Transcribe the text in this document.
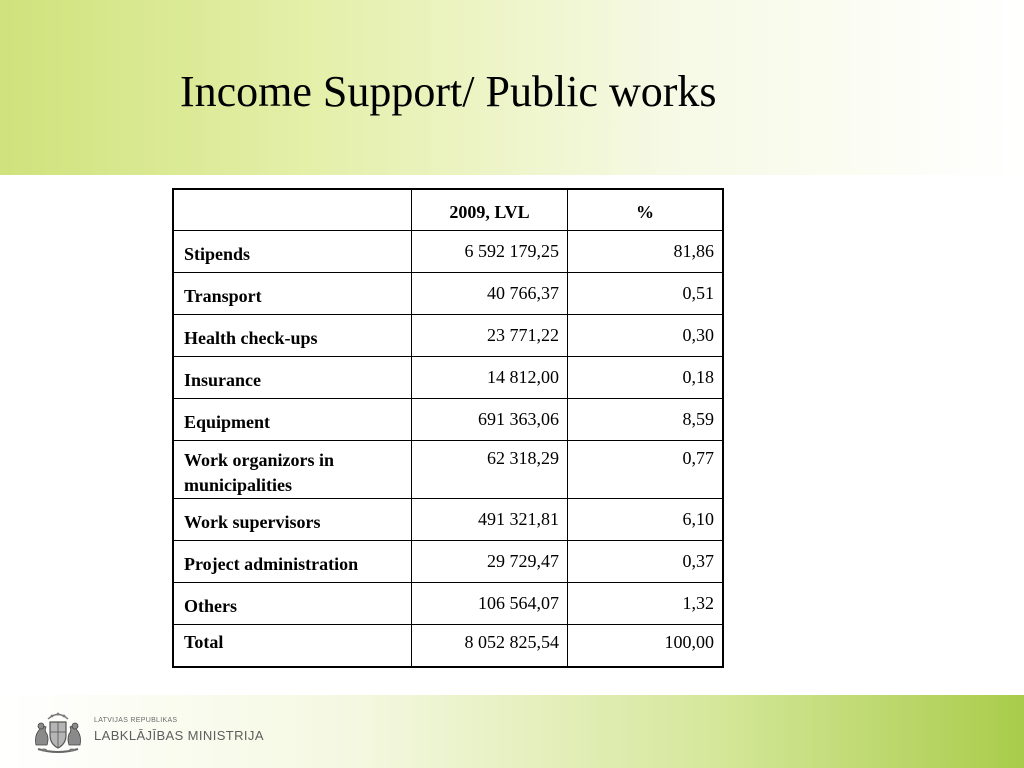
Income Support/ Public works
	2009, LVL	%
Stipends	6 592 179,25	81,86
Transport	40 766,37	0,51
Health check-ups	23 771,22	0,30
Insurance	14 812,00	0,18
Equipment	691 363,06	8,59
Work organizors in municipalities	62 318,29	0,77
Work supervisors	491 321,81	6,10
Project administration	29 729,47	0,37
Others	106 564,07	1,32
Total	8 052 825,54	100,00
LATVIJAS REPUBLIKAS
LABKLĀJĪBAS MINISTRIJA
